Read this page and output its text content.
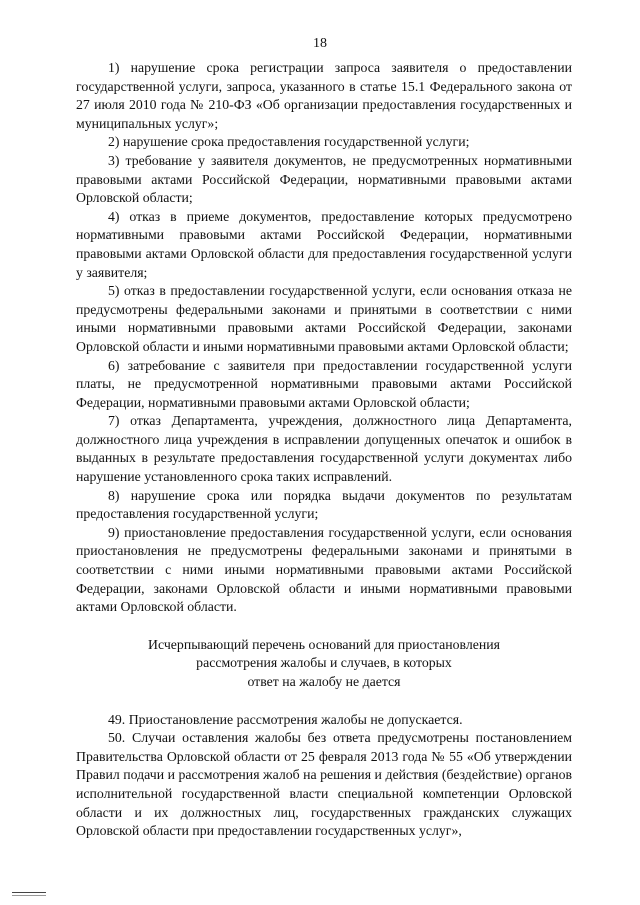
18

1) нарушение срока регистрации запроса заявителя о предоставлении государственной услуги, запроса, указанного в статье 15.1 Федерального закона от 27 июля 2010 года № 210-ФЗ «Об организации предоставления государственных и муниципальных услуг»;

2) нарушение срока предоставления государственной услуги;

3) требование у заявителя документов, не предусмотренных нормативными правовыми актами Российской Федерации, нормативными правовыми актами Орловской области;

4) отказ в приеме документов, предоставление которых предусмотрено нормативными правовыми актами Российской Федерации, нормативными правовыми актами Орловской области для предоставления государственной услуги у заявителя;

5) отказ в предоставлении государственной услуги, если основания отказа не предусмотрены федеральными законами и принятыми в соответствии с ними иными нормативными правовыми актами Российской Федерации, законами Орловской области и иными нормативными правовыми актами Орловской области;

6) затребование с заявителя при предоставлении государственной услуги платы, не предусмотренной нормативными правовыми актами Российской Федерации, нормативными правовыми актами Орловской области;

7) отказ Департамента, учреждения, должностного лица Департамента, должностного лица учреждения в исправлении допущенных опечаток и ошибок в выданных в результате предоставления государственной услуги документах либо нарушение установленного срока таких исправлений.

8) нарушение срока или порядка выдачи документов по результатам предоставления государственной услуги;

9) приостановление предоставления государственной услуги, если основания приостановления не предусмотрены федеральными законами и принятыми в соответствии с ними иными нормативными правовыми актами Российской Федерации, законами Орловской области и иными нормативными правовыми актами Орловской области.

Исчерпывающий перечень оснований для приостановления
рассмотрения жалобы и случаев, в которых
ответ на жалобу не дается

49. Приостановление рассмотрения жалобы не допускается.

50. Случаи оставления жалобы без ответа предусмотрены постановлением Правительства Орловской области от 25 февраля 2013 года № 55 «Об утверждении Правил подачи и рассмотрения жалоб на решения и действия (бездействие) органов исполнительной государственной власти специальной компетенции Орловской области и их должностных лиц, государственных гражданских служащих Орловской области при предоставлении государственных услуг»,
